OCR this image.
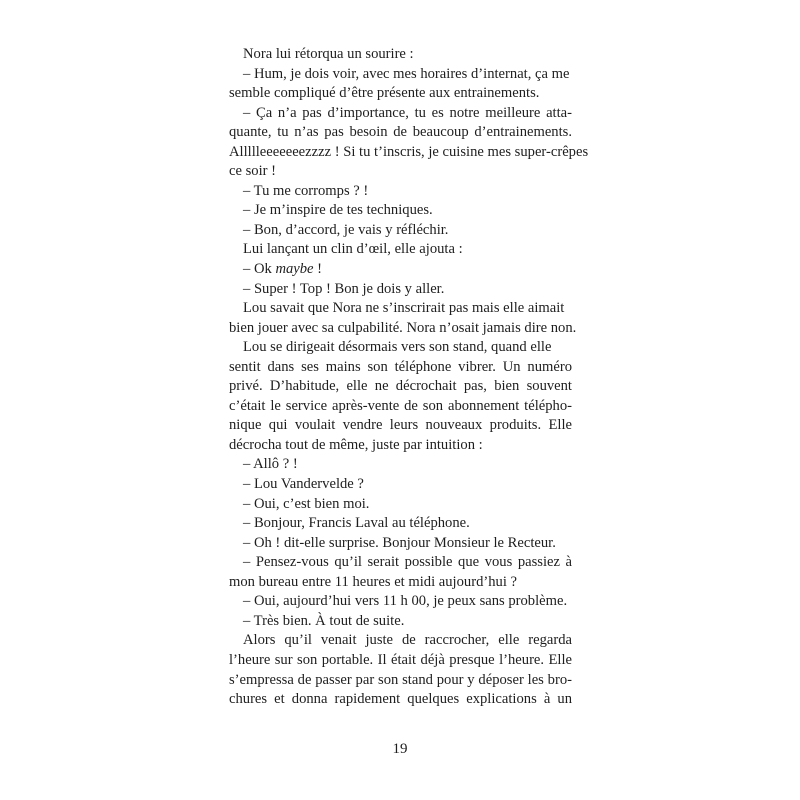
Nora lui rétorqua un sourire :
– Hum, je dois voir, avec mes horaires d’internat, ça me
semble compliqué d’être présente aux entrainements.
– Ça n’a pas d’importance, tu es notre meilleure atta-
quante, tu n’as pas besoin de beaucoup d’entrainements.
Allllleeeeeeezzzz ! Si tu t’inscris, je cuisine mes super-crêpes
ce soir !
– Tu me corromps ? !
– Je m’inspire de tes techniques.
– Bon, d’accord, je vais y réfléchir.
Lui lançant un clin d’œil, elle ajouta :
– Ok maybe !
– Super ! Top ! Bon je dois y aller.
Lou savait que Nora ne s’inscrirait pas mais elle aimait
bien jouer avec sa culpabilité. Nora n’osait jamais dire non.
Lou se dirigeait désormais vers son stand, quand elle
sentit dans ses mains son téléphone vibrer. Un numéro
privé. D’habitude, elle ne décrochait pas, bien souvent
c’était le service après-vente de son abonnement télépho-
nique qui voulait vendre leurs nouveaux produits. Elle
décrocha tout de même, juste par intuition :
– Allô ? !
– Lou Vandervelde ?
– Oui, c’est bien moi.
– Bonjour, Francis Laval au téléphone.
– Oh ! dit-elle surprise. Bonjour Monsieur le Recteur.
– Pensez-vous qu’il serait possible que vous passiez à
mon bureau entre 11 heures et midi aujourd’hui ?
– Oui, aujourd’hui vers 11 h 00, je peux sans problème.
– Très bien. À tout de suite.
Alors qu’il venait juste de raccrocher, elle regarda
l’heure sur son portable. Il était déjà presque l’heure. Elle
s’empressa de passer par son stand pour y déposer les bro-
chures et donna rapidement quelques explications à un
19
